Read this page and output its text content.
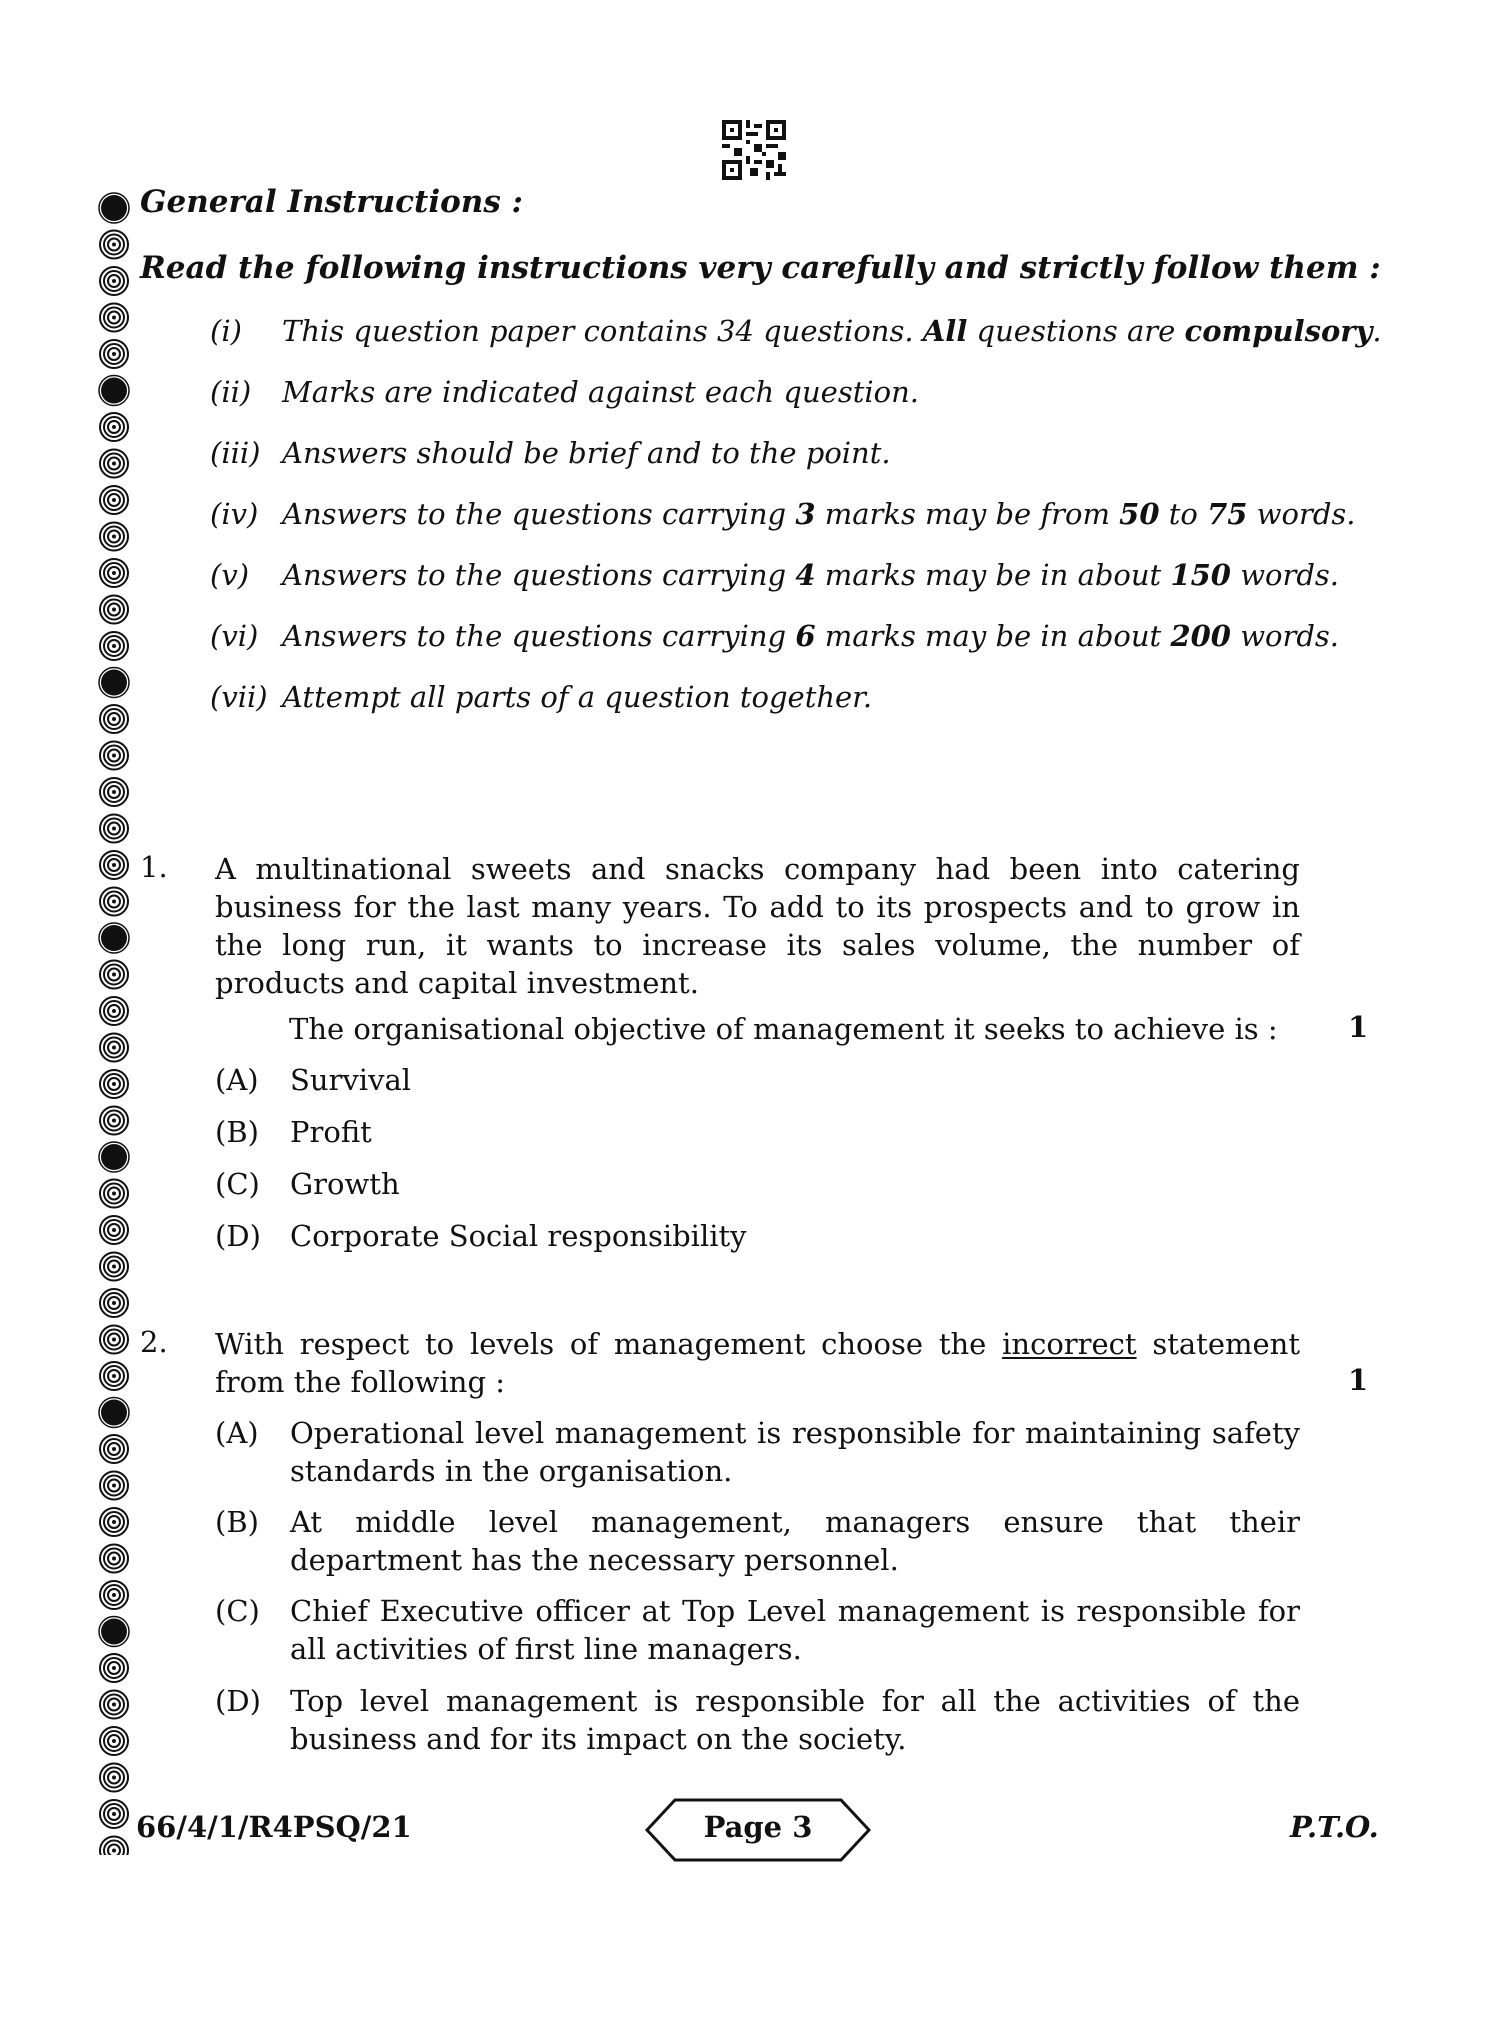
General Instructions :
Read the following instructions very carefully and strictly follow them :
(i) This question paper contains 34 questions. All questions are compulsory.
(ii) Marks are indicated against each question.
(iii) Answers should be brief and to the point.
(iv) Answers to the questions carrying 3 marks may be from 50 to 75 words.
(v) Answers to the questions carrying 4 marks may be in about 150 words.
(vi) Answers to the questions carrying 6 marks may be in about 200 words.
(vii) Attempt all parts of a question together.
1. A multinational sweets and snacks company had been into catering business for the last many years. To add to its prospects and to grow in the long run, it wants to increase its sales volume, the number of products and capital investment.
The organisational objective of management it seeks to achieve is : 1
(A) Survival
(B) Profit
(C) Growth
(D) Corporate Social responsibility
2. With respect to levels of management choose the incorrect statement from the following :	1
(A) Operational level management is responsible for maintaining safety standards in the organisation.
(B) At middle level management, managers ensure that their department has the necessary personnel.
(C) Chief Executive officer at Top Level management is responsible for all activities of first line managers.
(D) Top level management is responsible for all the activities of the business and for its impact on the society.
66/4/1/R4PSQ/21	Page 3	P.T.O.
